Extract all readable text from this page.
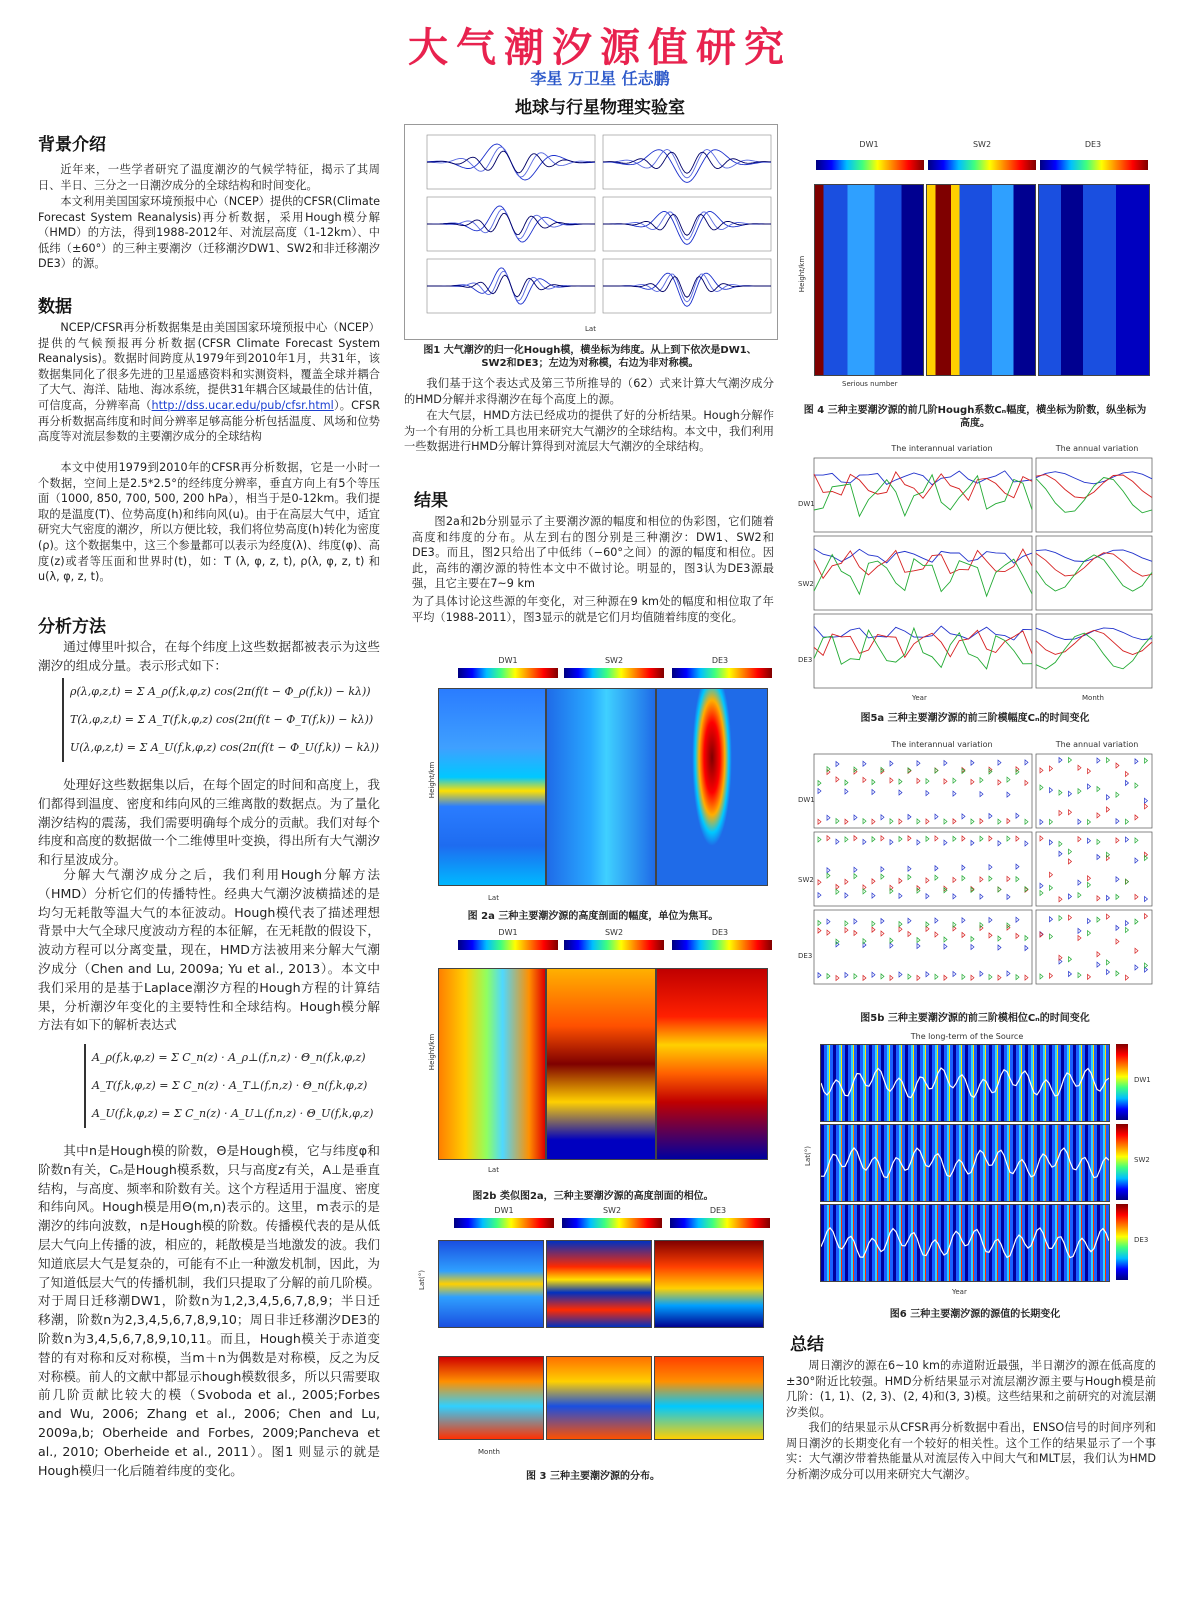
大气潮汐源值研究
李星 万卫星 任志鹏
地球与行星物理实验室
背景介绍

近年来，一些学者研究了温度潮汐的气候学特征，揭示了其周日、半日、三分之一日潮汐成分的全球结构和时间变化。

本文利用美国国家环境预报中心（NCEP）提供的CFSR(Climate Forecast System Reanalysis)再分析数据，采用Hough模分解（HMD）的方法，得到1988-2012年、对流层高度（1-12km）、中低纬（±60°）的三种主要潮汐（迁移潮汐DW1、SW2和非迁移潮汐DE3）的源。

数据

NCEP/CFSR再分析数据集是由美国国家环境预报中心（NCEP）提供的气候预报再分析数据(CFSR Climate Forecast System Reanalysis)。数据时间跨度从1979年到2010年1月，共31年，该数据集同化了很多先进的卫星遥感资料和实测资料，覆盖全球并耦合了大气、海洋、陆地、海冰系统，提供31年耦合区域最佳的估计值，可信度高，分辨率高（http://dss.ucar.edu/pub/cfsr.html）。CFSR再分析数据高纬度和时间分辨率足够高能分析包括温度、风场和位势高度等对流层参数的主要潮汐成分的全球结构

本文中使用1979到2010年的CFSR再分析数据，它是一小时一个数据，空间上是2.5*2.5°的经纬度分辨率，垂直方向上有5个等压面（1000, 850, 700, 500, 200 hPa），相当于是0-12km。我们提取的是温度(T)、位势高度(h)和纬向风(u)。由于在高层大气中，适宜研究大气密度的潮汐，所以方便比较，我们将位势高度(h)转化为密度(ρ)。这个数据集中，这三个参量都可以表示为经度(λ)、纬度(φ)、高度(z)或者等压面和世界时(t)，如：T (λ, φ, z, t), ρ(λ, φ, z, t) 和 u(λ, φ, z, t)。

分析方法

通过傅里叶拟合，在每个纬度上这些数据都被表示为这些潮汐的组成分量。表示形式如下：

ρ(λ,φ,z,t) = Σ A_ρ(f,k,φ,z) cos(2π(f(t − Φ_ρ(f,k)) − kλ))
T(λ,φ,z,t) = Σ A_T(f,k,φ,z) cos(2π(f(t − Φ_T(f,k)) − kλ))
U(λ,φ,z,t) = Σ A_U(f,k,φ,z) cos(2π(f(t − Φ_U(f,k)) − kλ))

处理好这些数据集以后，在每个固定的时间和高度上，我们都得到温度、密度和纬向风的三维离散的数据点。为了量化潮汐结构的震荡，我们需要明确每个成分的贡献。我们对每个纬度和高度的数据做一个二维傅里叶变换，得出所有大气潮汐和行星波成分。

分解大气潮汐成分之后，我们利用Hough分解方法（HMD）分析它们的传播特性。经典大气潮汐波横描述的是均匀无耗散等温大气的本征波动。Hough模代表了描述理想背景中大气全球尺度波动方程的本征解，在无耗散的假设下，波动方程可以分离变量，现在，HMD方法被用来分解大气潮汐成分（Chen and Lu, 2009a; Yu et al., 2013）。本文中我们采用的是基于Laplace潮汐方程的Hough方程的计算结果，分析潮汐年变化的主要特性和全球结构。Hough模分解方法有如下的解析表达式

A_ρ(f,k,φ,z) = Σ C_n(z) · A_ρ⊥(f,n,z) · Θ_n(f,k,φ,z)
A_T(f,k,φ,z) = Σ C_n(z) · A_T⊥(f,n,z) · Θ_n(f,k,φ,z)
A_U(f,k,φ,z) = Σ C_n(z) · A_U⊥(f,n,z) · Θ_U(f,k,φ,z)

其中n是Hough模的阶数，Θ是Hough模，它与纬度φ和阶数n有关，Cₙ是Hough模系数，只与高度z有关，A⊥是垂直结构，与高度、频率和阶数有关。这个方程适用于温度、密度和纬向风。Hough模是用Θ(m,n)表示的。这里，m表示的是潮汐的纬向波数，n是Hough模的阶数。传播模代表的是从低层大气向上传播的波，相应的，耗散模是当地激发的波。我们知道底层大气是复杂的，可能有不止一种激发机制，因此，为了知道低层大气的传播机制，我们只提取了分解的前几阶模。对于周日迁移潮DW1，阶数n为1,2,3,4,5,6,7,8,9；半日迁移潮，阶数n为2,3,4,5,6,7,8,9,10；周日非迁移潮汐DE3的阶数n为3,4,5,6,7,8,9,10,11。而且，Hough模关于赤道变替的有对称和反对称模，当m＋n为偶数是对称模，反之为反对称模。前人的文献中都显示hough模数很多，所以只需要取前几阶贡献比较大的模（Svoboda et al., 2005;Forbes and Wu, 2006; Zhang et al., 2006; Chen and Lu, 2009a,b; Oberheide and Forbes, 2009;Pancheva et al., 2010; Oberheide et al., 2011）。图1 则显示的就是Hough模归一化后随着纬度的变化。

Lat
图1 大气潮汐的归一化Hough模，横坐标为纬度。从上到下依次是DW1、SW2和DE3；左边为对称模，右边为非对称模。

我们基于这个表达式及第三节所推导的（62）式来计算大气潮汐成分的HMD分解并求得潮汐在每个高度上的源。

在大气层，HMD方法已经成功的提供了好的分析结果。Hough分解作为一个有用的分析工具也用来研究大气潮汐的全球结构。本文中，我们利用一些数据进行HMD分解计算得到对流层大气潮汐的全球结构。

结果

图2a和2b分别显示了主要潮汐源的幅度和相位的伪彩图，它们随着高度和纬度的分布。从左到右的图分别是三种潮汐：DW1、SW2和DE3。而且，图2只给出了中低纬（−60°之间）的源的幅度和相位。因此，高纬的潮汐源的特性本文中不做讨论。明显的，图3认为DE3源最强，且它主要在7~9 km

为了具体讨论这些源的年变化，对三种源在9 km处的幅度和相位取了年平均（1988-2011），图3显示的就是它们月均值随着纬度的变化。

DW1	SW2	DE3
Height/km
Lat
图 2a 三种主要潮汐源的高度剖面的幅度，单位为焦耳。
DW1	SW2	DE3
Height/km
Lat
图2b 类似图2a，三种主要潮汐源的高度剖面的相位。
DW1	SW2	DE3
Lat(°)
Month
图 3 三种主要潮汐源的分布。
DW1	SW2	DE3
Height/km
Serious number
图 4 三种主要潮汐源的前几阶Hough系数Cₙ幅度，横坐标为阶数，纵坐标为高度。
The interannual variation	The annual variation
DW1
SW2
DE3
Year	Month
图5a 三种主要潮汐源的前三阶模幅度Cₙ的时间变化
The interannual variation	The annual variation
DW1
SW2
DE3
图5b 三种主要潮汐源的前三阶模相位Cₙ的时间变化
The long-term of the Source
DW1
SW2
DE3
Lat(°)
Year
图6 三种主要潮汐源的源值的长期变化
总结

周日潮汐的源在6~10 km的赤道附近最强，半日潮汐的源在低高度的±30°附近比较强。HMD分析结果显示对流层潮汐源主要与Hough模是前几阶：(1, 1)、(2, 3)、(2, 4)和(3, 3)模。这些结果和之前研究的对流层潮汐类似。

我们的结果显示从CFSR再分析数据中看出，ENSO信号的时间序列和周日潮汐的长期变化有一个较好的相关性。这个工作的结果显示了一个事实：大气潮汐带着热能量从对流层传入中间大气和MLT层，我们认为HMD分析潮汐成分可以用来研究大气潮汐。
